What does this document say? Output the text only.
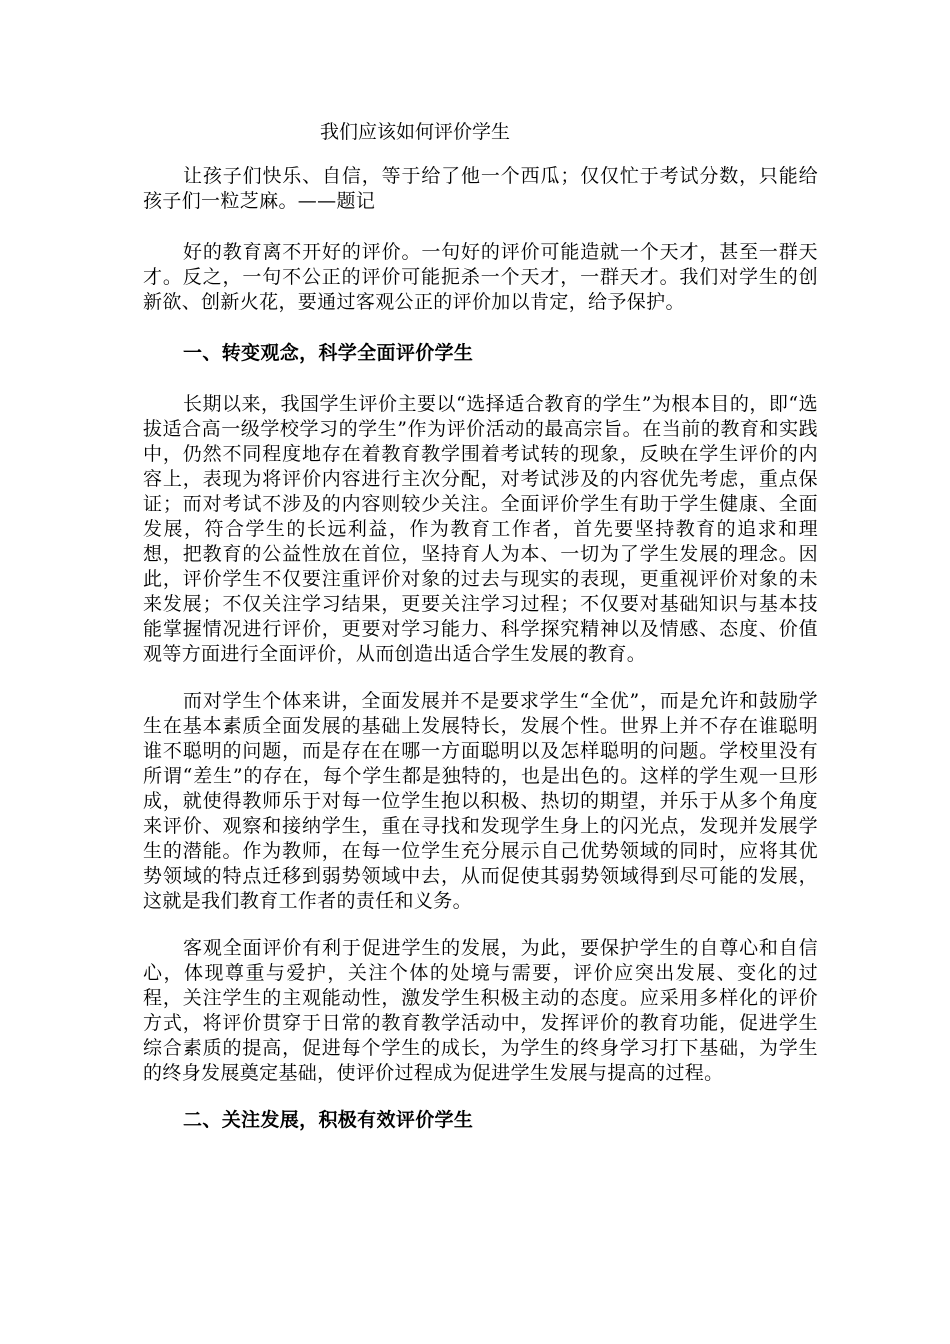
我们应该如何评价学生

让孩子们快乐、自信，等于给了他一个西瓜；仅仅忙于考试分数，只能给孩子们一粒芝麻。——题记

好的教育离不开好的评价。一句好的评价可能造就一个天才，甚至一群天才。反之，一句不公正的评价可能扼杀一个天才，一群天才。我们对学生的创新欲、创新火花，要通过客观公正的评价加以肯定，给予保护。

一、转变观念，科学全面评价学生

长期以来，我国学生评价主要以“选择适合教育的学生”为根本目的，即“选拔适合高一级学校学习的学生”作为评价活动的最高宗旨。在当前的教育和实践中，仍然不同程度地存在着教育教学围着考试转的现象，反映在学生评价的内容上，表现为将评价内容进行主次分配，对考试涉及的内容优先考虑，重点保证；而对考试不涉及的内容则较少关注。全面评价学生有助于学生健康、全面发展，符合学生的长远利益，作为教育工作者，首先要坚持教育的追求和理想，把教育的公益性放在首位，坚持育人为本、一切为了学生发展的理念。因此，评价学生不仅要注重评价对象的过去与现实的表现，更重视评价对象的未来发展；不仅关注学习结果，更要关注学习过程；不仅要对基础知识与基本技能掌握情况进行评价，更要对学习能力、科学探究精神以及情感、态度、价值观等方面进行全面评价，从而创造出适合学生发展的教育。

而对学生个体来讲，全面发展并不是要求学生“全优”，而是允许和鼓励学生在基本素质全面发展的基础上发展特长，发展个性。世界上并不存在谁聪明谁不聪明的问题，而是存在在哪一方面聪明以及怎样聪明的问题。学校里没有所谓“差生”的存在，每个学生都是独特的，也是出色的。这样的学生观一旦形成，就使得教师乐于对每一位学生抱以积极、热切的期望，并乐于从多个角度来评价、观察和接纳学生，重在寻找和发现学生身上的闪光点，发现并发展学生的潜能。作为教师，在每一位学生充分展示自己优势领域的同时，应将其优势领域的特点迁移到弱势领域中去，从而促使其弱势领域得到尽可能的发展，这就是我们教育工作者的责任和义务。

客观全面评价有利于促进学生的发展，为此，要保护学生的自尊心和自信心，体现尊重与爱护，关注个体的处境与需要，评价应突出发展、变化的过程，关注学生的主观能动性，激发学生积极主动的态度。应采用多样化的评价方式，将评价贯穿于日常的教育教学活动中，发挥评价的教育功能，促进学生综合素质的提高，促进每个学生的成长，为学生的终身学习打下基础，为学生的终身发展奠定基础，使评价过程成为促进学生发展与提高的过程。

二、关注发展，积极有效评价学生
